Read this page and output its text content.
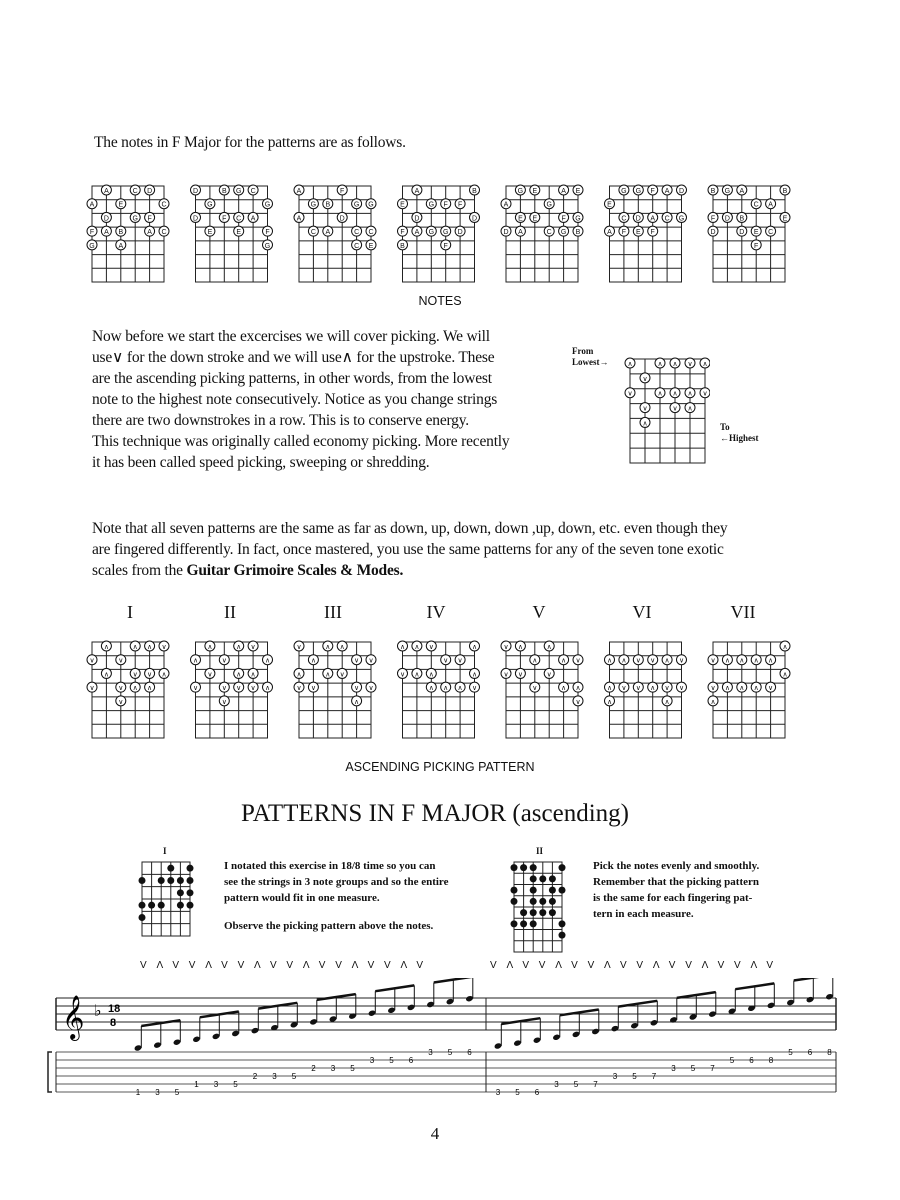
The notes in F Major for the patterns are as follows.
A
F
G
A
D
A
E
B
A
C
G
D
F
A
C
C
D
D
G
E
B
F
G
C
E
C
A
G
F
G
A
A
G
C
B
A
F
D
G
C
C
G
C
E
E
F
B
A
D
A
G
G
F
G
F
F
D
B
D
A
D
G
E
A
E
E
G
C
A
F
G
E
G
B
E
A
G
C
F
G
D
E
F
A
F
A
C
D
G
B
F
D
G
D
A
B
D
C
E
F
A
C
B
E
NOTES
Now before we start the excercises we will cover picking. We will
use∨ for the down stroke and we will use∧ for the upstroke. These
are the ascending picking patterns, in other words, from the lowest
note to the highest note consecutively. Notice as you change strings
there are two downstrokes in a row. This is to conserve energy.
This technique was originally called economy picking. More recently
it has been called speed picking, sweeping or shredding.
From
Lowest→	∧
∨
∨
∨
∧
∧
∧
∧
∧
∨
∨
∧
∧
∧
∨
To
←Highest
Note that all seven patterns are the same as far as down, up, down, down ,up, down, etc. even though they
are fingered differently. In fact, once mastered, you use the same patterns for any of the seven tone exotic
scales from the Guitar Grimoire Scales & Modes.
I	II	III	IV	V	VI	VII
∨
∨
∧
∧
∨
∨
∨
∧
∨
∧
∧
∨
∧
∨
∧
∧
∨
∧
∨
∨
∨
∨
∧
∧
∨
∨
∧
∨
∧
∧
∨
∧
∨
∧
∨
∧
∧
∧
∨
∨
∨
∧
∨
∨
∧
∨
∧
∧
∨
∧
∧
∨
∧
∨
∧
∧
∧
∨
∨
∨
∧
∨
∧
∨
∧
∨
∧
∧
∨
∧
∨
∧
∧
∧
∧
∨
∨
∨
∨
∧
∧
∨
∧
∨
∨
∨
∨
∧
∧
∧
∧
∧
∧
∧
∧
∨
∧
∧
ASCENDING PICKING PATTERN
PATTERNS IN F MAJOR (ascending)
I
I notated this exercise in 18/8 time so you can
see the strings in 3 note groups and so the entire
pattern would fit in one measure.
Observe the picking pattern above the notes.
II
Pick the notes evenly and smoothly.
Remember that the picking pattern
is the same for each fingering pat-
tern in each measure.
V Λ V V Λ V V Λ V V Λ V V Λ V V Λ V	V Λ V V Λ V V Λ V V Λ V V Λ V V Λ V
𝄞 ♭ 18
8
1 3 5
1 3 5
2 3 5
2 3 5
3 5 6
3 5 6
3 5 6
3 5 7
3 5 7
3 5 7
5 6 8
5 6 8
4
